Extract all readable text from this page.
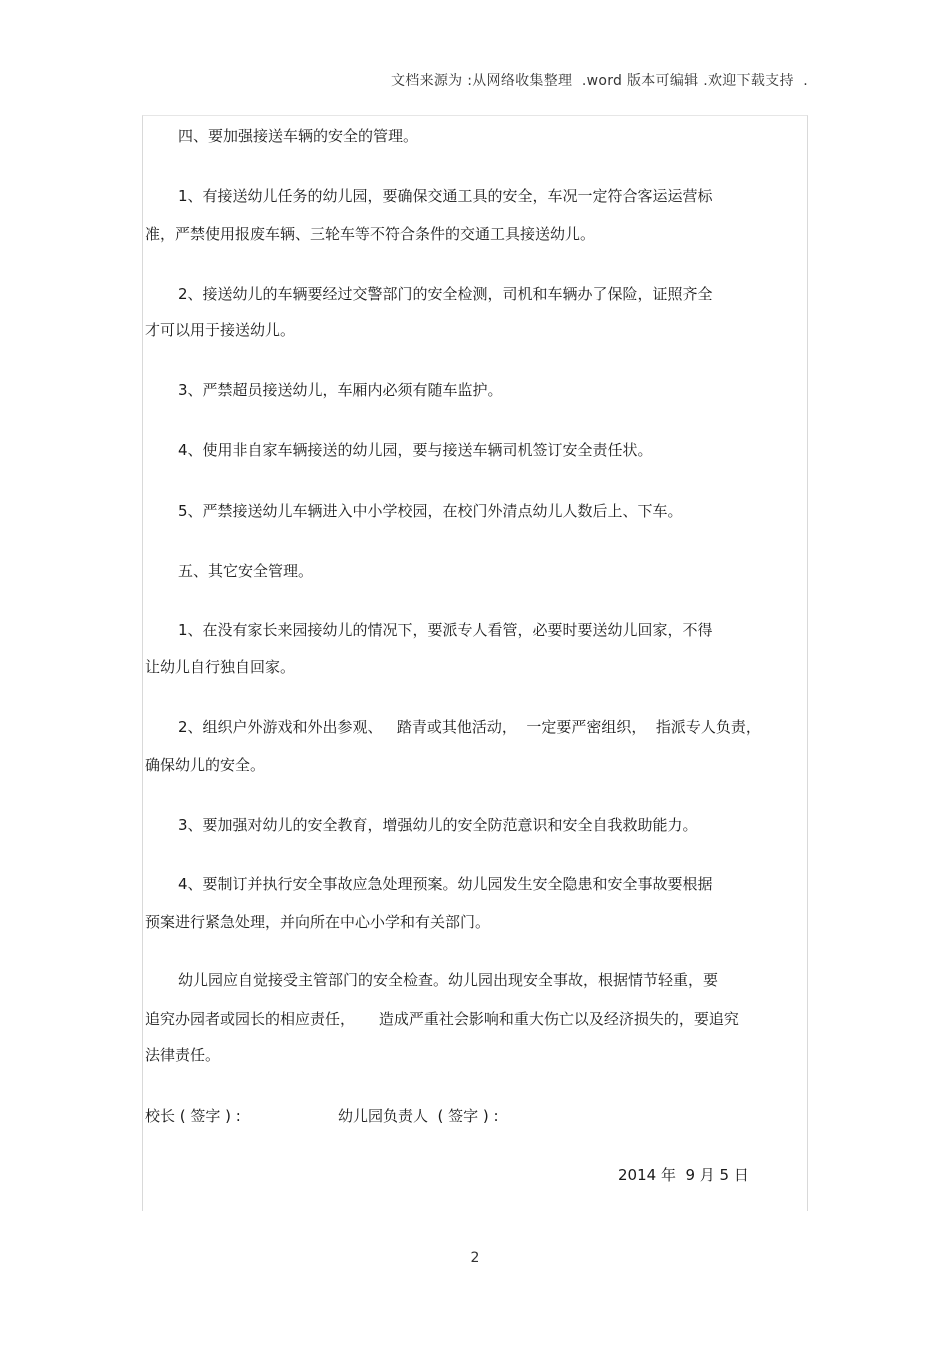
文档来源为 :从网络收集整理  .word 版本可编辑 .欢迎下载支持  .
四、要加强接送车辆的安全的管理。
1、有接送幼儿任务的幼儿园，要确保交通工具的安全，车况一定符合客运运营标
准，严禁使用报废车辆、三轮车等不符合条件的交通工具接送幼儿。
2、接送幼儿的车辆要经过交警部门的安全检测，司机和车辆办了保险，证照齐全
才可以用于接送幼儿。
3、严禁超员接送幼儿，车厢内必须有随车监护。
4、使用非自家车辆接送的幼儿园，要与接送车辆司机签订安全责任状。
5、严禁接送幼儿车辆进入中小学校园，在校门外清点幼儿人数后上、下车。
五、其它安全管理。
1、在没有家长来园接幼儿的情况下，要派专人看管，必要时要送幼儿回家，不得
让幼儿自行独自回家。
2、组织户外游戏和外出参观、   踏青或其他活动，  一定要严密组织，  指派专人负责，
确保幼儿的安全。
3、要加强对幼儿的安全教育，增强幼儿的安全防范意识和安全自我救助能力。
4、要制订并执行安全事故应急处理预案。幼儿园发生安全隐患和安全事故要根据
预案进行紧急处理，并向所在中心小学和有关部门。
幼儿园应自觉接受主管部门的安全检查。幼儿园出现安全事故，根据情节轻重，要
追究办园者或园长的相应责任，     造成严重社会影响和重大伤亡以及经济损失的，要追究
法律责任。
校长 ( 签字 ) :	幼儿园负责人  ( 签字 ) :
2014 年  9 月 5 日
2
